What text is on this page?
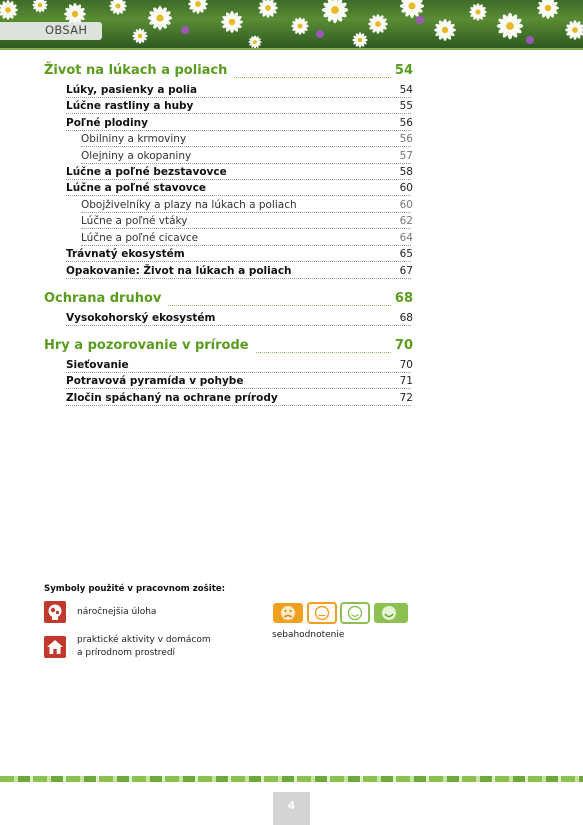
OBSAH
Život na lúkach a poliach	54
Lúky, pasienky a polia	54
Lúčne rastliny a huby	55
Poľné plodiny	56
Obilniny a krmoviny	56
Olejniny a okopaniny	57
Lúčne a poľné bezstavovce	58
Lúčne a poľné stavovce	60
Obojživelníky a plazy na lúkach a poliach	60
Lúčne a poľné vtáky	62
Lúčne a poľné cicavce	64
Trávnatý ekosystém	65
Opakovanie: Život na lúkach a poliach	67
Ochrana druhov	68
Vysokohorský ekosystém	68
Hry a pozorovanie v prírode	70
Sieťovanie	70
Potravová pyramída v pohybe	71
Zločin spáchaný na ochrane prírody	72
Symboly použité v pracovnom zošite:
náročnejšia úloha
praktické aktivity v domácom
a prírodnom prostredí
sebahodnotenie
4
